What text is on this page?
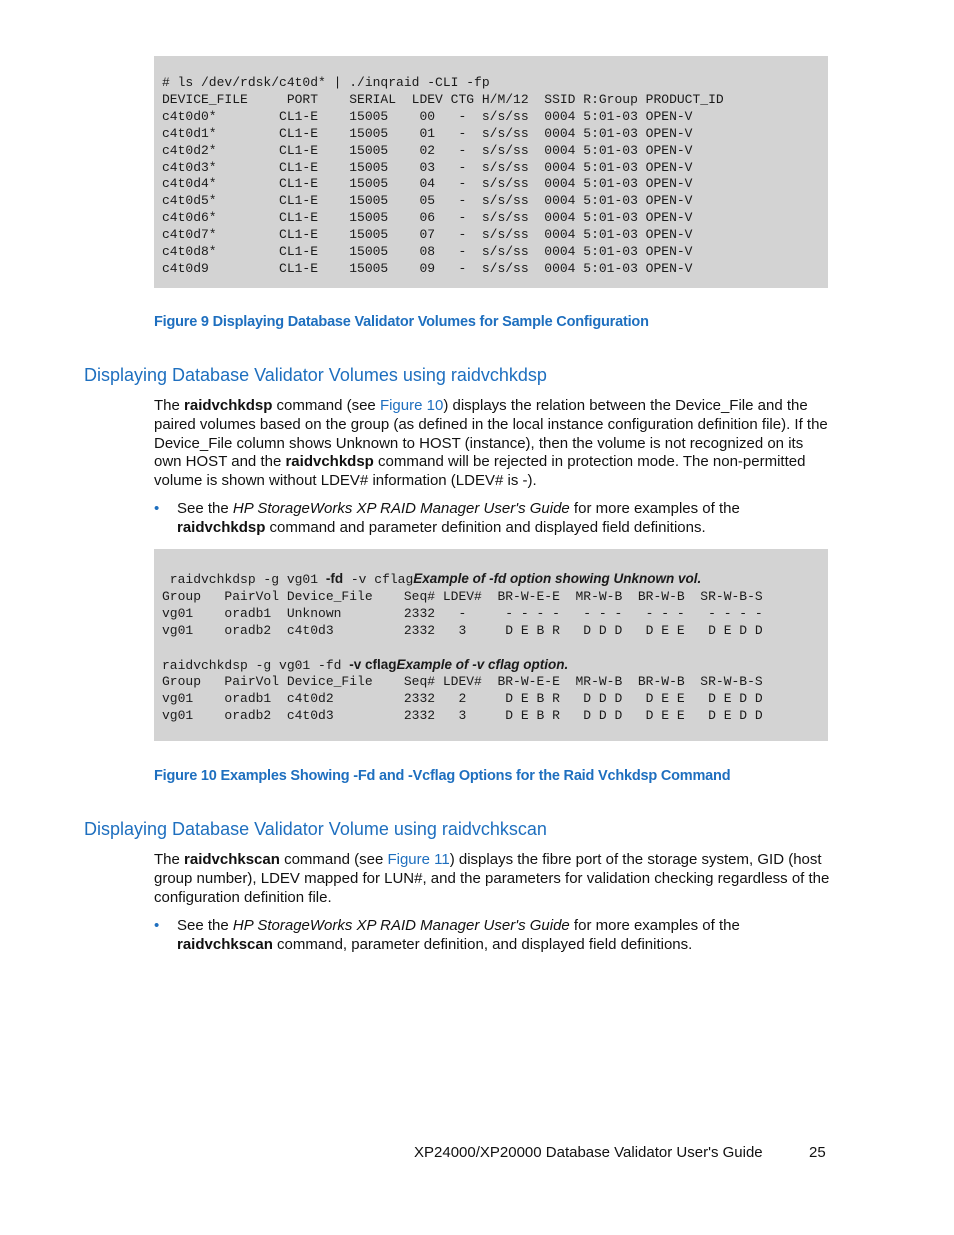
# ls /dev/rdsk/c4t0d* | ./inqraid -CLI -fp
DEVICE_FILE     PORT    SERIAL  LDEV CTG H/M/12  SSID R:Group PRODUCT_ID
c4t0d0*        CL1-E    15005    00   -  s/s/ss  0004 5:01-03 OPEN-V
c4t0d1*        CL1-E    15005    01   -  s/s/ss  0004 5:01-03 OPEN-V
c4t0d2*        CL1-E    15005    02   -  s/s/ss  0004 5:01-03 OPEN-V
c4t0d3*        CL1-E    15005    03   -  s/s/ss  0004 5:01-03 OPEN-V
c4t0d4*        CL1-E    15005    04   -  s/s/ss  0004 5:01-03 OPEN-V
c4t0d5*        CL1-E    15005    05   -  s/s/ss  0004 5:01-03 OPEN-V
c4t0d6*        CL1-E    15005    06   -  s/s/ss  0004 5:01-03 OPEN-V
c4t0d7*        CL1-E    15005    07   -  s/s/ss  0004 5:01-03 OPEN-V
c4t0d8*        CL1-E    15005    08   -  s/s/ss  0004 5:01-03 OPEN-V
c4t0d9         CL1-E    15005    09   -  s/s/ss  0004 5:01-03 OPEN-V
Figure 9 Displaying Database Validator Volumes for Sample Configuration
Displaying Database Validator Volumes using raidvchkdsp

The raidvchkdsp command (see Figure 10) displays the relation between the Device_File and the paired volumes based on the group (as defined in the local instance configuration definition file). If the Device_File column shows Unknown to HOST (instance), then the volume is not recognized on its own HOST and the raidvchkdsp command will be rejected in protection mode. The non-permitted volume is shown without LDEV# information (LDEV# is -).

• See the HP StorageWorks XP RAID Manager User's Guide for more examples of the raidvchkdsp command and parameter definition and displayed field definitions.
raidvchkdsp -g vg01 -fd -v cflagExample of -fd option showing Unknown vol.
Group   PairVol Device_File    Seq# LDEV#  BR-W-E-E  MR-W-B  BR-W-B  SR-W-B-S
vg01    oradb1  Unknown        2332   -     - - - -   - - -   - - -   - - - -
vg01    oradb2  c4t0d3         2332   3     D E B R   D D D   D E E   D E D D

raidvchkdsp -g vg01 -fd -v cflagExample of -v cflag option.
Group   PairVol Device_File    Seq# LDEV#  BR-W-E-E  MR-W-B  BR-W-B  SR-W-B-S
vg01    oradb1  c4t0d2         2332   2     D E B R   D D D   D E E   D E D D
vg01    oradb2  c4t0d3         2332   3     D E B R   D D D   D E E   D E D D
Figure 10 Examples Showing -Fd and -Vcflag Options for the Raid Vchkdsp Command
Displaying Database Validator Volume using raidvchkscan

The raidvchkscan command (see Figure 11) displays the fibre port of the storage system, GID (host group number), LDEV mapped for LUN#, and the parameters for validation checking regardless of the configuration definition file.

• See the HP StorageWorks XP RAID Manager User's Guide for more examples of the raidvchkscan command, parameter definition, and displayed field definitions.
XP24000/XP20000 Database Validator User's Guide	25
